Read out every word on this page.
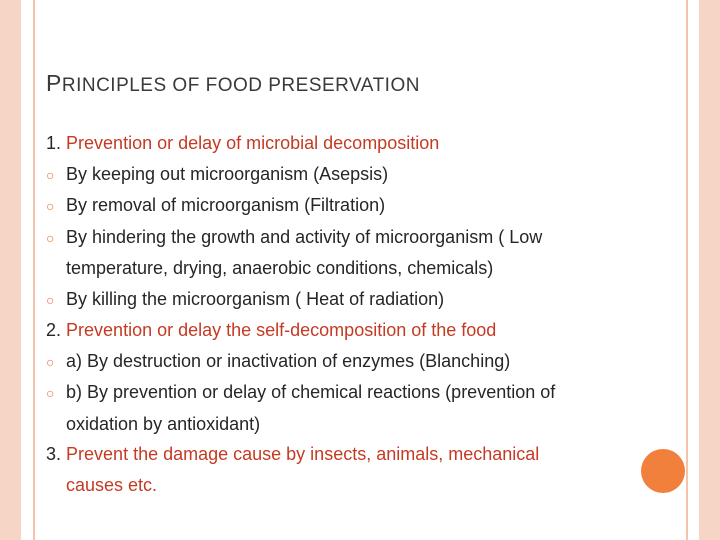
PRINCIPLES OF FOOD PRESERVATION
1. Prevention or delay of microbial decomposition
○ By keeping out microorganism (Asepsis)
○ By removal of microorganism (Filtration)
○ By hindering the growth and activity of microorganism ( Low
temperature, drying, anaerobic conditions, chemicals)
○ By killing the microorganism ( Heat of radiation)
2. Prevention or delay the self-decomposition of the food
○ a) By destruction or inactivation of enzymes (Blanching)
○ b) By prevention or delay of chemical reactions (prevention of
oxidation by antioxidant)
3. Prevent the damage cause by insects, animals, mechanical
causes etc.
